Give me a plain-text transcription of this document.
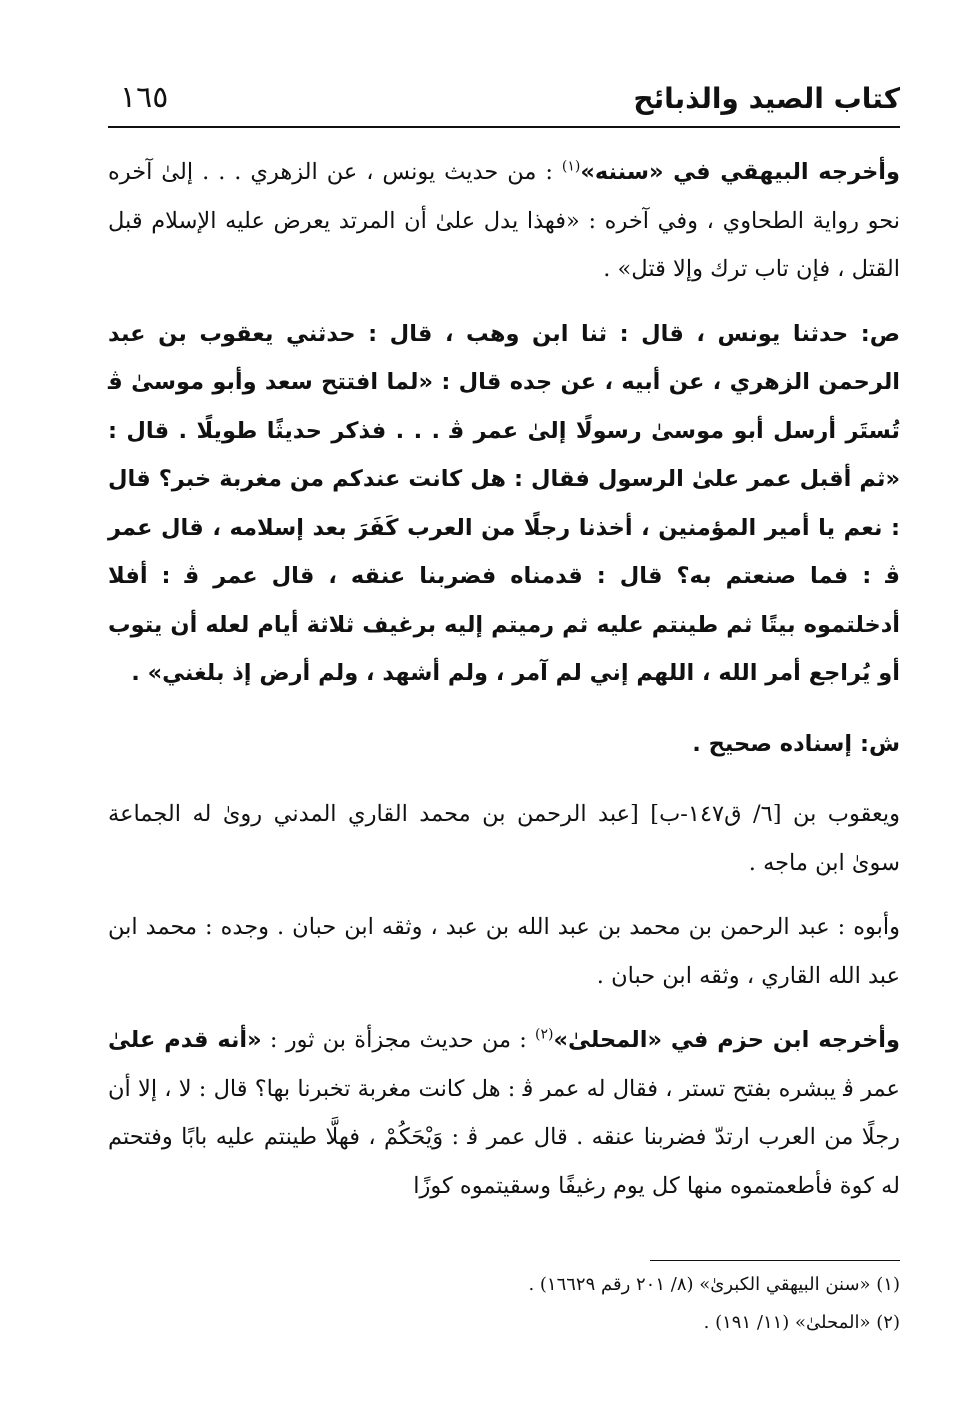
كتاب الصيد والذبائح
١٦٥

وأخرجه البيهقي في «سننه»$^{(١)}$ : من حديث يونس ، عن الزهري . . . إلىٰ آخره نحو رواية الطحاوي ، وفي آخره : «فهذا يدل علىٰ أن المرتد يعرض عليه الإسلام قبل القتل ، فإن تاب ترك وإلا قتل» .

ص: حدثنا يونس ، قال : ثنا ابن وهب ، قال : حدثني يعقوب بن عبد الرحمن الزهري ، عن أبيه ، عن جده قال : «لما افتتح سعد وأبو موسىٰ ﭬ تُستَر أرسل أبو موسىٰ رسولًا إلىٰ عمر ﭬ . . . فذكر حديثًا طويلًا . قال : «ثم أقبل عمر علىٰ الرسول فقال : هل كانت عندكم من مغربة خبر؟ قال : نعم يا أمير المؤمنين ، أخذنا رجلًا من العرب كَفَرَ بعد إسلامه ، قال عمر ﭬ : فما صنعتم به؟ قال : قدمناه فضربنا عنقه ، قال عمر ﭬ : أفلا أدخلتموه بيتًا ثم طينتم عليه ثم رميتم إليه برغيف ثلاثة أيام لعله أن يتوب أو يُراجع أمر الله ، اللهم إني لم آمر ، ولم أشهد ، ولم أرض إذ بلغني» .

ش: إسناده صحيح .

ويعقوب بن [٦/ ق١٤٧-ب] [عبد الرحمن بن محمد القاري المدني روىٰ له الجماعة سوىٰ ابن ماجه .

وأبوه : عبد الرحمن بن محمد بن عبد الله بن عبد ، وثقه ابن حبان . وجده : محمد ابن عبد الله القاري ، وثقه ابن حبان .

وأخرجه ابن حزم في «المحلىٰ»$^{(٢)}$ : من حديث مجزأة بن ثور : «أنه قدم علىٰ عمر ﭬ يبشره بفتح تستر ، فقال له عمر ﭬ : هل كانت مغربة تخبرنا بها؟ قال : لا ، إلا أن رجلًا من العرب ارتدّ فضربنا عنقه . قال عمر ﭬ : وَيْحَكُمْ ، فهلَّا طينتم عليه بابًا وفتحتم له كوة فأطعمتموه منها كل يوم رغيفًا وسقيتموه كوزًا

(١) «سنن البيهقي الكبرىٰ» (٨/ ٢٠١ رقم ١٦٦٢٩) .
(٢) «المحلىٰ» (١١/ ١٩١) .
